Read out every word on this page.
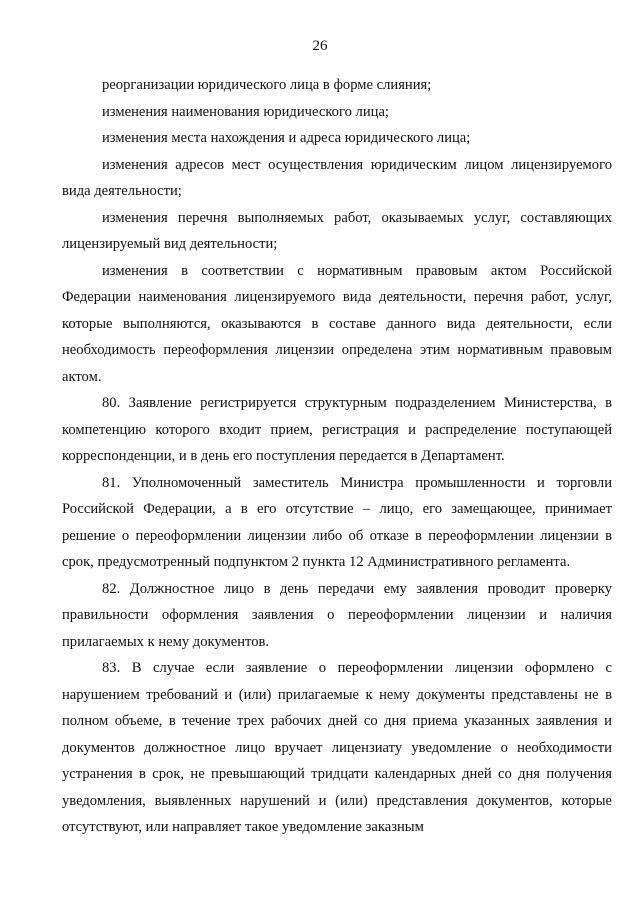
26

реорганизации юридического лица в форме слияния;

изменения наименования юридического лица;

изменения места нахождения и адреса юридического лица;

изменения адресов мест осуществления юридическим лицом лицензируемого вида деятельности;

изменения перечня выполняемых работ, оказываемых услуг, составляющих лицензируемый вид деятельности;

изменения в соответствии с нормативным правовым актом Российской Федерации наименования лицензируемого вида деятельности, перечня работ, услуг, которые выполняются, оказываются в составе данного вида деятельности, если необходимость переоформления лицензии определена этим нормативным правовым актом.

80. Заявление регистрируется структурным подразделением Министерства, в компетенцию которого входит прием, регистрация и распределение поступающей корреспонденции, и в день его поступления передается в Департамент.

81. Уполномоченный заместитель Министра промышленности и торговли Российской Федерации, а в его отсутствие – лицо, его замещающее, принимает решение о переоформлении лицензии либо об отказе в переоформлении лицензии в срок, предусмотренный подпунктом 2 пункта 12 Административного регламента.

82. Должностное лицо в день передачи ему заявления проводит проверку правильности оформления заявления о переоформлении лицензии и наличия прилагаемых к нему документов.

83. В случае если заявление о переоформлении лицензии оформлено с нарушением требований и (или) прилагаемые к нему документы представлены не в полном объеме, в течение трех рабочих дней со дня приема указанных заявления и документов должностное лицо вручает лицензиату уведомление о необходимости устранения в срок, не превышающий тридцати календарных дней со дня получения уведомления, выявленных нарушений и (или) представления документов, которые отсутствуют, или направляет такое уведомление заказным
